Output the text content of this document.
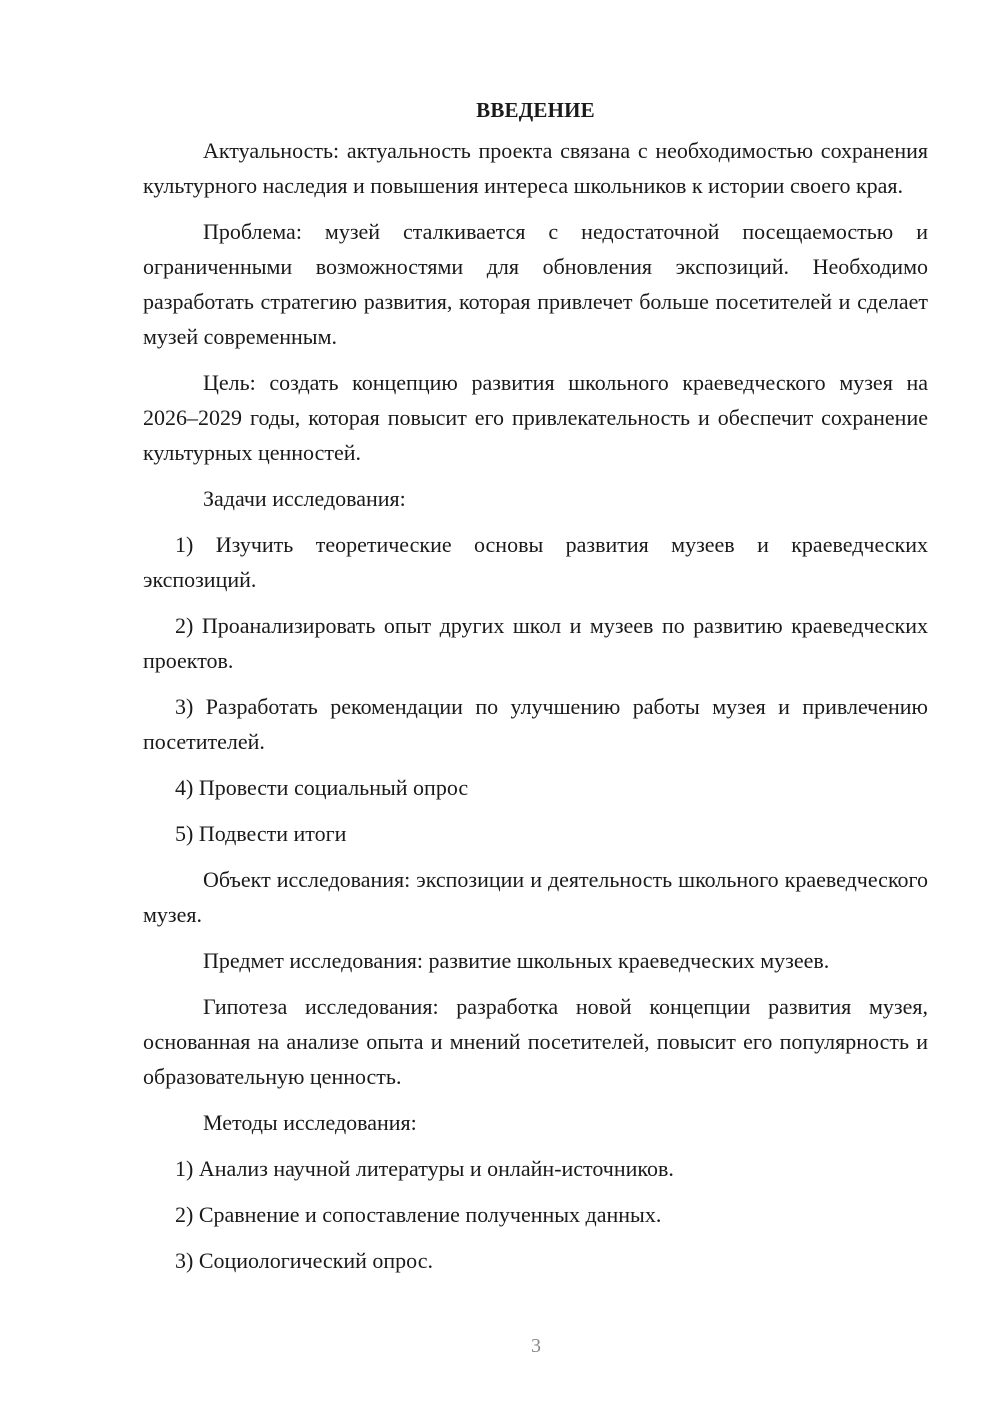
ВВЕДЕНИЕ

Актуальность: актуальность проекта связана с необходимостью сохранения культурного наследия и повышения интереса школьников к истории своего края.

Проблема: музей сталкивается с недостаточной посещаемостью и ограниченными возможностями для обновления экспозиций. Необходимо разработать стратегию развития, которая привлечет больше посетителей и сделает музей современным.

Цель: создать концепцию развития школьного краеведческого музея на 2026–2029 годы, которая повысит его привлекательность и обеспечит сохранение культурных ценностей.

Задачи исследования:

1) Изучить теоретические основы развития музеев и краеведческих экспозиций.

2) Проанализировать опыт других школ и музеев по развитию краеведческих проектов.

3) Разработать рекомендации по улучшению работы музея и привлечению посетителей.

4) Провести социальный опрос

5) Подвести итоги

Объект исследования: экспозиции и деятельность школьного краеведческого музея.

Предмет исследования: развитие школьных краеведческих музеев.

Гипотеза исследования: разработка новой концепции развития музея, основанная на анализе опыта и мнений посетителей, повысит его популярность и образовательную ценность.

Методы исследования:

1) Анализ научной литературы и онлайн-источников.

2) Сравнение и сопоставление полученных данных.

3) Социологический опрос.

3
